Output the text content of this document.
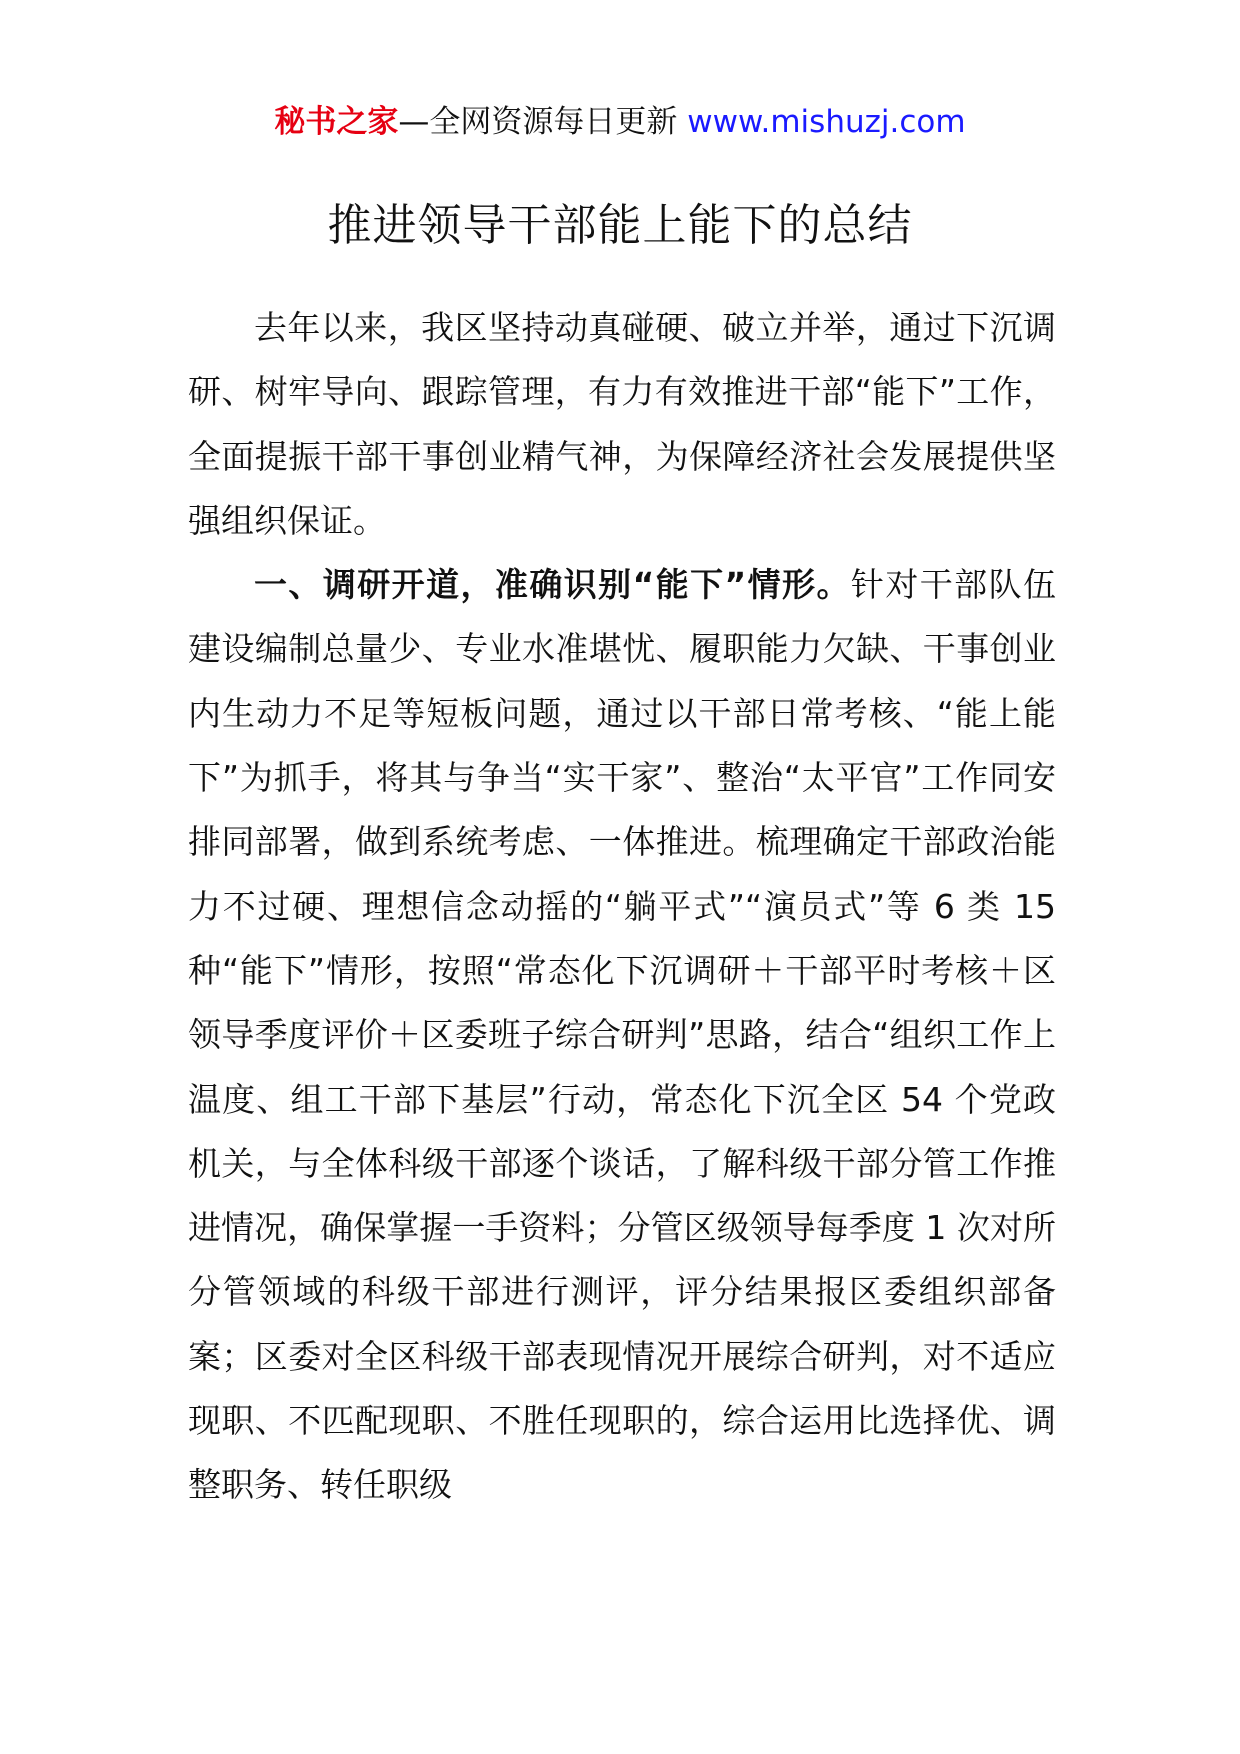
秘书之家—全网资源每日更新 www.mishuzj.com
推进领导干部能上能下的总结

去年以来，我区坚持动真碰硬、破立并举，通过下沉调研、树牢导向、跟踪管理，有力有效推进干部“能下”工作，全面提振干部干事创业精气神，为保障经济社会发展提供坚强组织保证。

一、调研开道，准确识别“能下”情形。针对干部队伍建设编制总量少、专业水准堪忧、履职能力欠缺、干事创业内生动力不足等短板问题，通过以干部日常考核、“能上能下”为抓手，将其与争当“实干家”、整治“太平官”工作同安排同部署，做到系统考虑、一体推进。梳理确定干部政治能力不过硬、理想信念动摇的“躺平式”“演员式”等 6 类 15 种“能下”情形，按照“常态化下沉调研＋干部平时考核＋区领导季度评价＋区委班子综合研判”思路，结合“组织工作上温度、组工干部下基层”行动，常态化下沉全区 54 个党政机关，与全体科级干部逐个谈话，了解科级干部分管工作推进情况，确保掌握一手资料；分管区级领导每季度 1 次对所分管领域的科级干部进行测评，评分结果报区委组织部备案；区委对全区科级干部表现情况开展综合研判，对不适应现职、不匹配现职、不胜任现职的，综合运用比选择优、调整职务、转任职级
